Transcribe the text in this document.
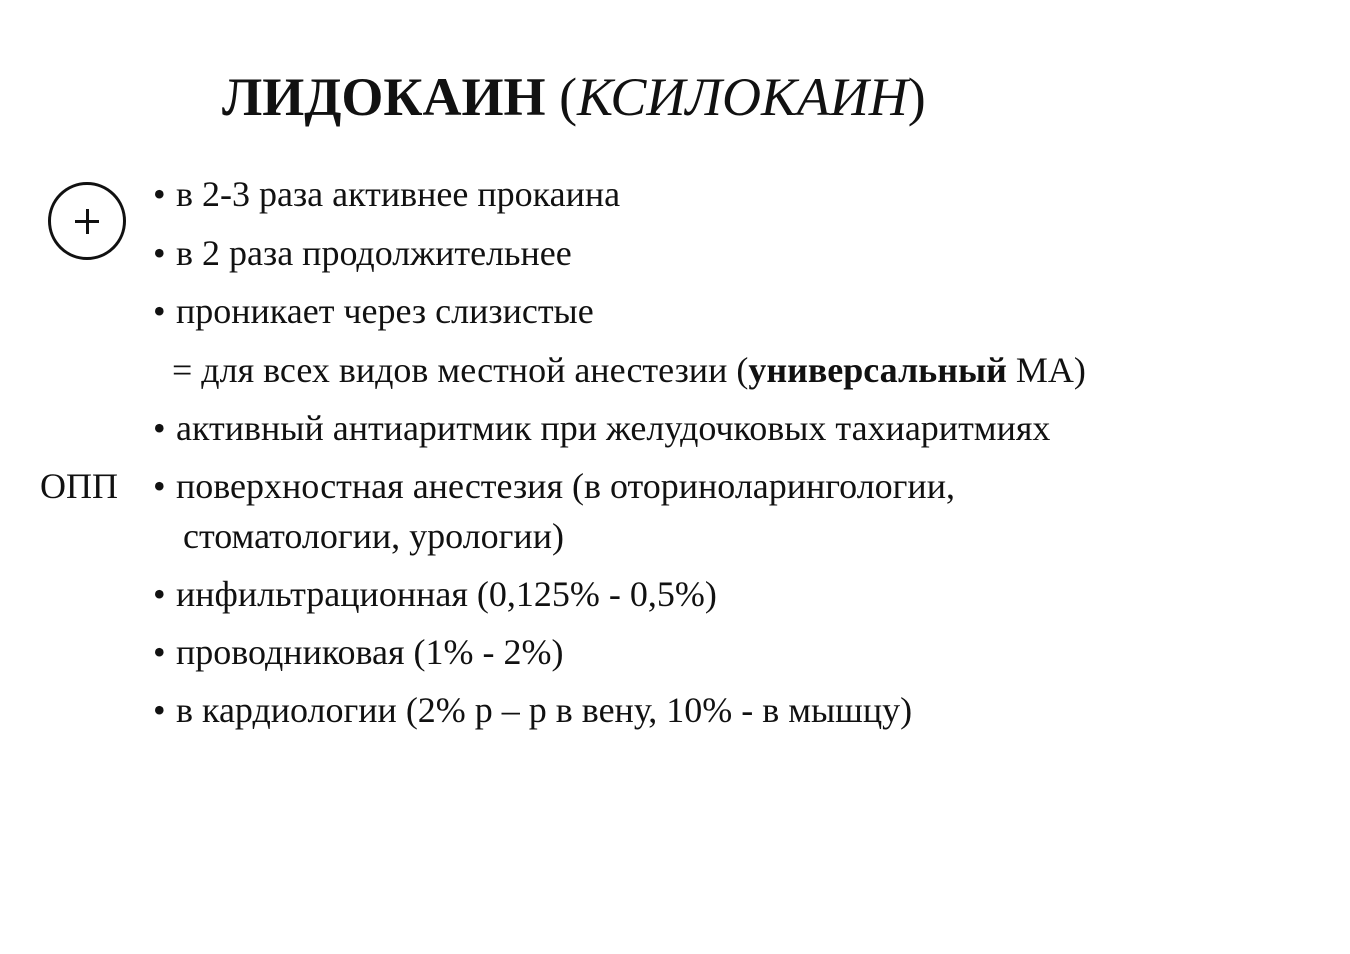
ЛИДОКАИН (КСИЛОКАИН)
ОПП
• в 2-3 раза активнее прокаина
• в 2 раза продолжительнее
• проникает через слизистые
= для всех видов местной анестезии (универсальный МА)
• активный антиаритмик при желудочковых тахиаритмиях
• поверхностная анестезия (в оториноларингологии,
стоматологии, урологии)
• инфильтрационная (0,125% - 0,5%)
• проводниковая (1% - 2%)
• в кардиологии (2% р – р в вену, 10% - в мышцу)
